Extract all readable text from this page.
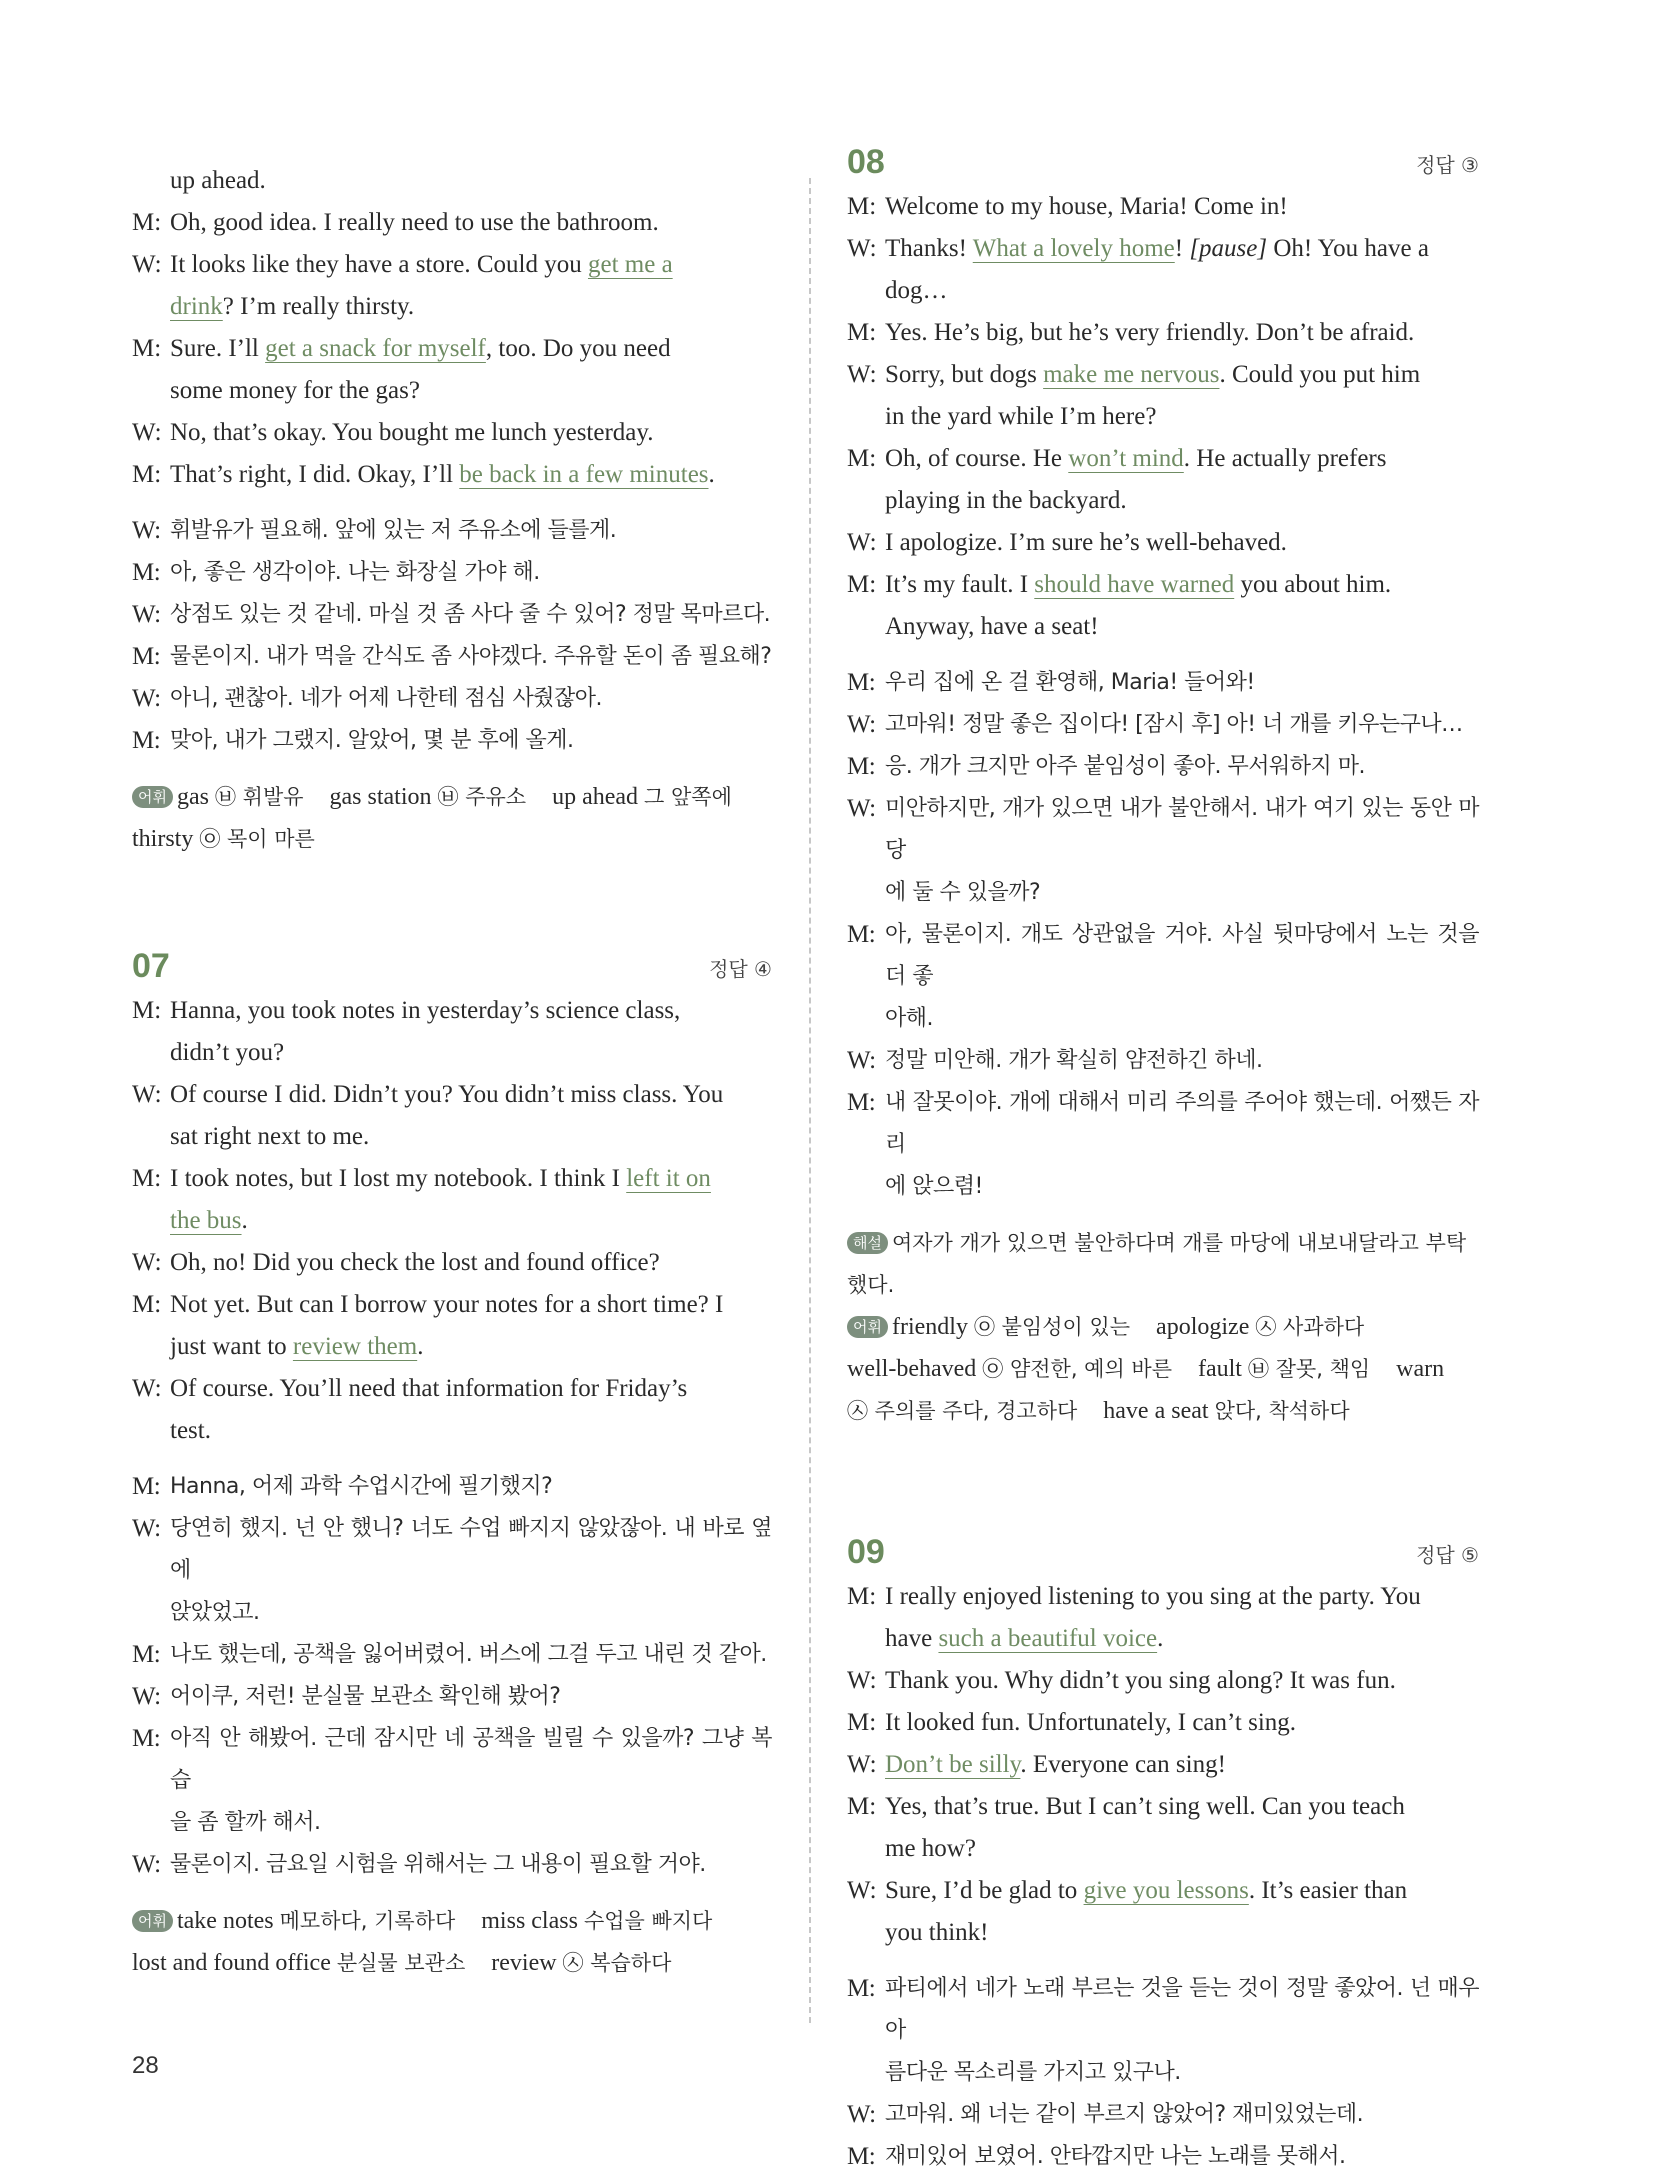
up ahead.
M: Oh, good idea. I really need to use the bathroom.
W: It looks like they have a store. Could you get me a
drink? I’m really thirsty.
M: Sure. I’ll get a snack for myself, too. Do you need
some money for the gas?
W: No, that’s okay. You bought me lunch yesterday.
M: That’s right, I did. Okay, I’ll be back in a few minutes.
W: 휘발유가 필요해. 앞에 있는 저 주유소에 들를게.
M: 아, 좋은 생각이야. 나는 화장실 가야 해.
W: 상점도 있는 것 같네. 마실 것 좀 사다 줄 수 있어? 정말 목마르다.
M: 물론이지. 내가 먹을 간식도 좀 사야겠다. 주유할 돈이 좀 필요해?
W: 아니, 괜찮아. 네가 어제 나한테 점심 사줬잖아.
M: 맞아, 내가 그랬지. 알았어, 몇 분 후에 올게.
어휘 gas ㉥ 휘발유 gas station ㉥ 주유소 up ahead 그 앞쪽에
thirsty ㉧ 목이 마른
07	정답 ④
M: Hanna, you took notes in yesterday’s science class,
didn’t you?
W: Of course I did. Didn’t you? You didn’t miss class. You
sat right next to me.
M: I took notes, but I lost my notebook. I think I left it on
the bus.
W: Oh, no! Did you check the lost and found office?
M: Not yet. But can I borrow your notes for a short time? I
just want to review them.
W: Of course. You’ll need that information for Friday’s
test.
M: Hanna, 어제 과학 수업시간에 필기했지?
W: 당연히 했지. 넌 안 했니? 너도 수업 빠지지 않았잖아. 내 바로 옆에
앉았었고.
M: 나도 했는데, 공책을 잃어버렸어. 버스에 그걸 두고 내린 것 같아.
W: 어이쿠, 저런! 분실물 보관소 확인해 봤어?
M: 아직 안 해봤어. 근데 잠시만 네 공책을 빌릴 수 있을까? 그냥 복습
을 좀 할까 해서.
W: 물론이지. 금요일 시험을 위해서는 그 내용이 필요할 거야.
어휘 take notes 메모하다, 기록하다 miss class 수업을 빠지다
lost and found office 분실물 보관소 review ㉦ 복습하다
08	정답 ③
M: Welcome to my house, Maria! Come in!
W: Thanks! What a lovely home! [pause] Oh! You have a
dog…
M: Yes. He’s big, but he’s very friendly. Don’t be afraid.
W: Sorry, but dogs make me nervous. Could you put him
in the yard while I’m here?
M: Oh, of course. He won’t mind. He actually prefers
playing in the backyard.
W: I apologize. I’m sure he’s well-behaved.
M: It’s my fault. I should have warned you about him.
Anyway, have a seat!
M: 우리 집에 온 걸 환영해, Maria! 들어와!
W: 고마워! 정말 좋은 집이다! [잠시 후] 아! 너 개를 키우는구나…
M: 응. 개가 크지만 아주 붙임성이 좋아. 무서워하지 마.
W: 미안하지만, 개가 있으면 내가 불안해서. 내가 여기 있는 동안 마당
에 둘 수 있을까?
M: 아, 물론이지. 개도 상관없을 거야. 사실 뒷마당에서 노는 것을 더 좋
아해.
W: 정말 미안해. 개가 확실히 얌전하긴 하네.
M: 내 잘못이야. 개에 대해서 미리 주의를 주어야 했는데. 어쨌든 자리
에 앉으렴!
해설 여자가 개가 있으면 불안하다며 개를 마당에 내보내달라고 부탁했다.
어휘 friendly ㉧ 붙임성이 있는 apologize ㉦ 사과하다
well-behaved ㉧ 얌전한, 예의 바른 fault ㉥ 잘못, 책임 warn
㉦ 주의를 주다, 경고하다 have a seat 앉다, 착석하다
09	정답 ⑤
M: I really enjoyed listening to you sing at the party. You
have such a beautiful voice.
W: Thank you. Why didn’t you sing along? It was fun.
M: It looked fun. Unfortunately, I can’t sing.
W: Don’t be silly. Everyone can sing!
M: Yes, that’s true. But I can’t sing well. Can you teach
me how?
W: Sure, I’d be glad to give you lessons. It’s easier than
you think!
M: 파티에서 네가 노래 부르는 것을 듣는 것이 정말 좋았어. 넌 매우 아
름다운 목소리를 가지고 있구나.
W: 고마워. 왜 너는 같이 부르지 않았어? 재미있었는데.
M: 재미있어 보였어. 안타깝지만 나는 노래를 못해서.
28
